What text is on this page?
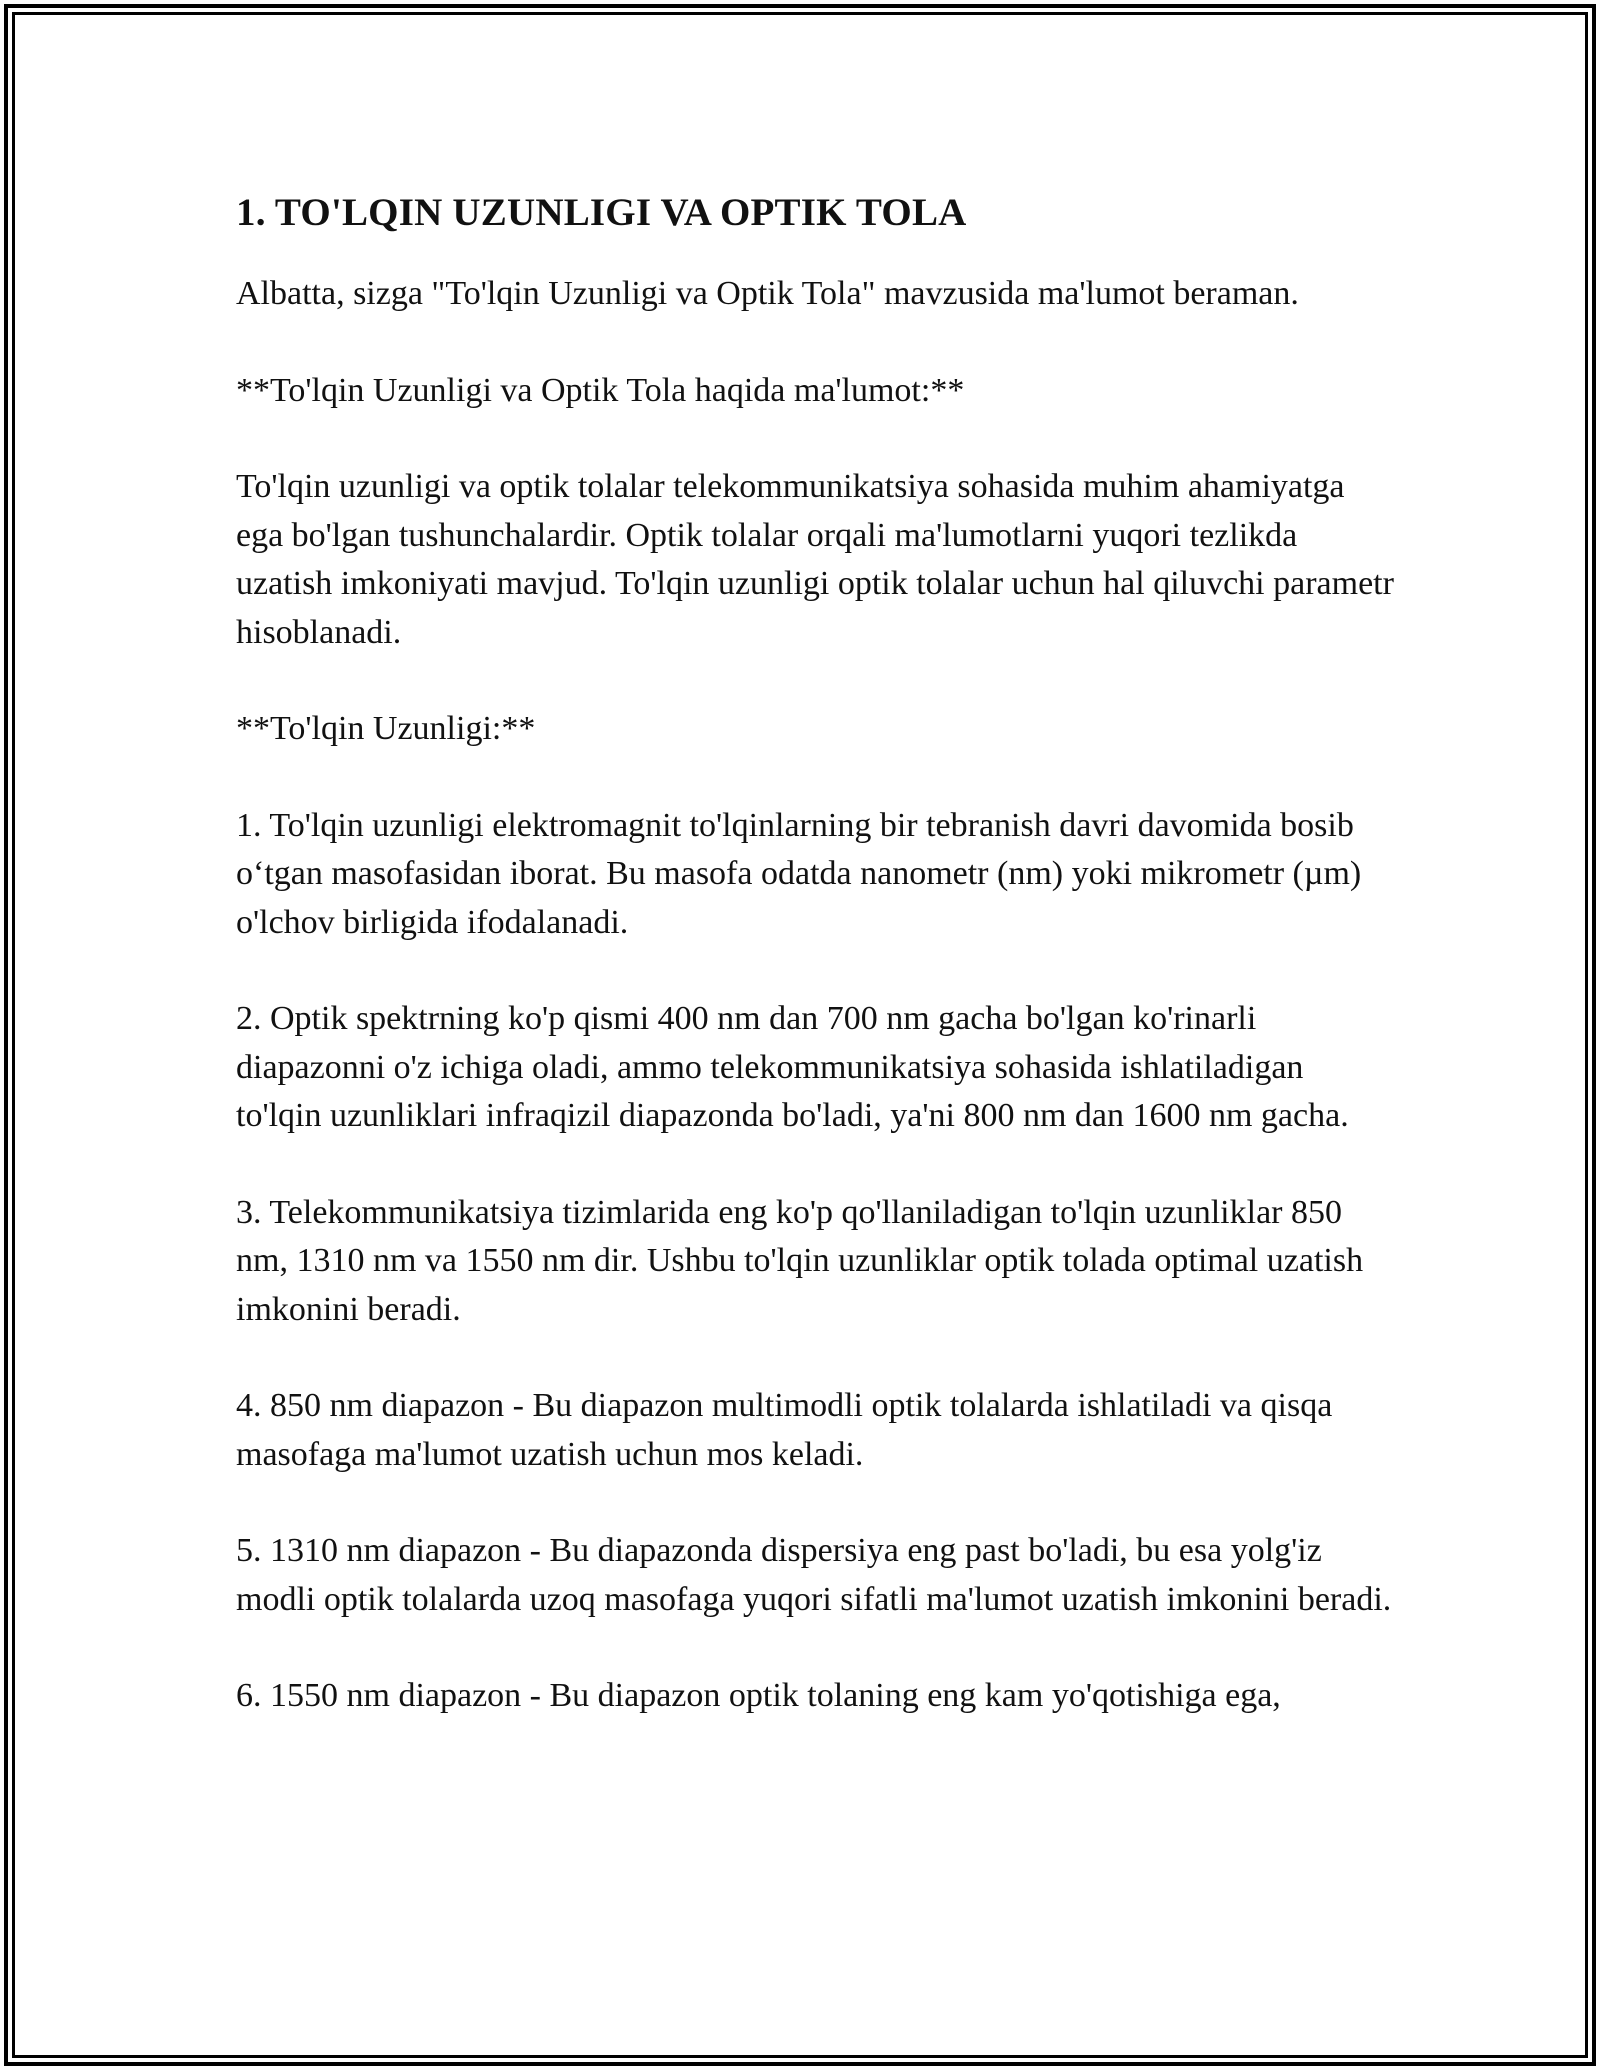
1. TO'LQIN UZUNLIGI VA OPTIK TOLA

Albatta, sizga "To'lqin Uzunligi va Optik Tola" mavzusida ma'lumot beraman.

**To'lqin Uzunligi va Optik Tola haqida ma'lumot:**

To'lqin uzunligi va optik tolalar telekommunikatsiya sohasida muhim ahamiyatga ega bo'lgan tushunchalardir. Optik tolalar orqali ma'lumotlarni yuqori tezlikda uzatish imkoniyati mavjud. To'lqin uzunligi optik tolalar uchun hal qiluvchi parametr hisoblanadi.

**To'lqin Uzunligi:**

1. To'lqin uzunligi elektromagnit to'lqinlarning bir tebranish davri davomida bosib o‘tgan masofasidan iborat. Bu masofa odatda nanometr (nm) yoki mikrometr (µm) o'lchov birligida ifodalanadi.

2. Optik spektrning ko'p qismi 400 nm dan 700 nm gacha bo'lgan ko'rinarli diapazonni o'z ichiga oladi, ammo telekommunikatsiya sohasida ishlatiladigan to'lqin uzunliklari infraqizil diapazonda bo'ladi, ya'ni 800 nm dan 1600 nm gacha.

3. Telekommunikatsiya tizimlarida eng ko'p qo'llaniladigan to'lqin uzunliklar 850 nm, 1310 nm va 1550 nm dir. Ushbu to'lqin uzunliklar optik tolada optimal uzatish imkonini beradi.

4. 850 nm diapazon - Bu diapazon multimodli optik tolalarda ishlatiladi va qisqa masofaga ma'lumot uzatish uchun mos keladi.

5. 1310 nm diapazon - Bu diapazonda dispersiya eng past bo'ladi, bu esa yolg'iz modli optik tolalarda uzoq masofaga yuqori sifatli ma'lumot uzatish imkonini beradi.

6. 1550 nm diapazon - Bu diapazon optik tolaning eng kam yo'qotishiga ega,
